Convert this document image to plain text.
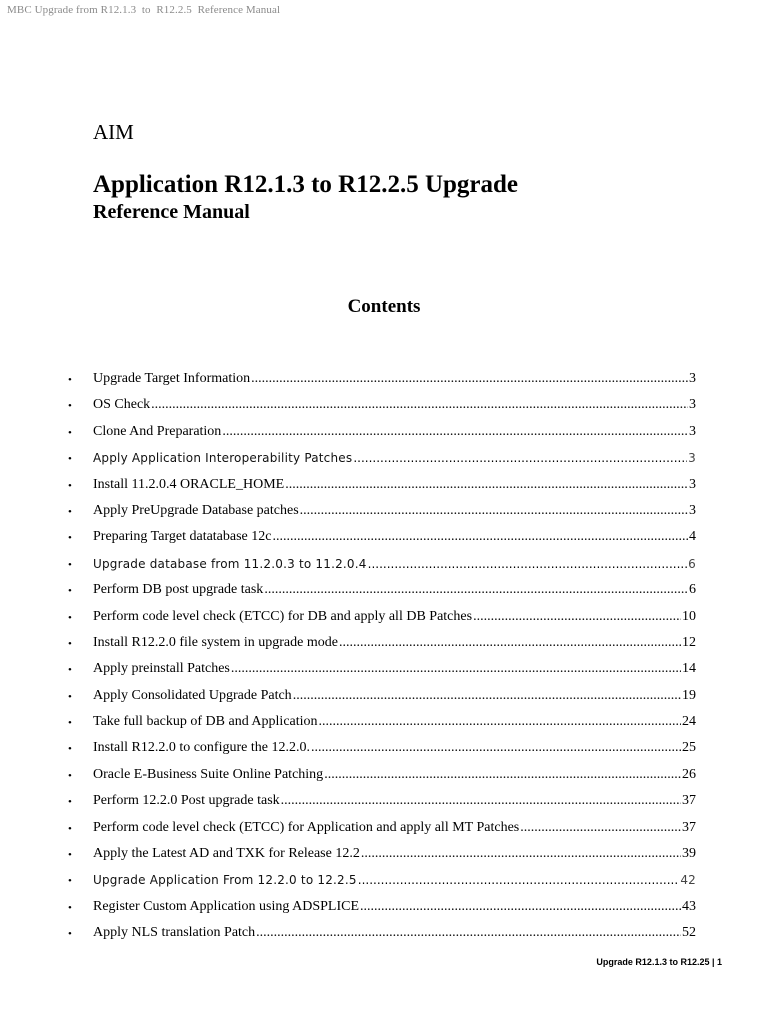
MBC Upgrade from R12.1.3  to  R12.2.5  Reference Manual
AIM
Application R12.1.3 to R12.2.5 Upgrade
Reference Manual
Contents
• Upgrade Target Information .....	3
• OS Check .....	3
• Clone And Preparation .....	3
• Apply Application Interoperability Patches .....	3
• Install 11.2.0.4 ORACLE_HOME .....	3
• Apply PreUpgrade Database patches .....	3
• Preparing Target datatabase 12c .....	4
• Upgrade database from 11.2.0.3 to 11.2.0.4 .....	6
• Perform DB post upgrade task .....	6
• Perform code level check (ETCC) for DB and apply all DB Patches .....	10
• Install R12.2.0 file system in upgrade mode .....	12
• Apply preinstall Patches .....	14
• Apply Consolidated Upgrade Patch .....	19
• Take full backup of DB and Application .....	24
• Install R12.2.0 to configure the 12.2.0. .....	25
• Oracle E-Business Suite Online Patching .....	26
• Perform 12.2.0 Post upgrade task .....	37
• Perform code level check (ETCC) for Application and apply all MT Patches .....	37
• Apply the Latest AD and TXK for Release 12.2 .....	39
• Upgrade Application From 12.2.0 to 12.2.5 .....	42
• Register Custom Application using ADSPLICE .....	43
• Apply NLS translation Patch .....	52
Upgrade R12.1.3 to R12.25 | 1
